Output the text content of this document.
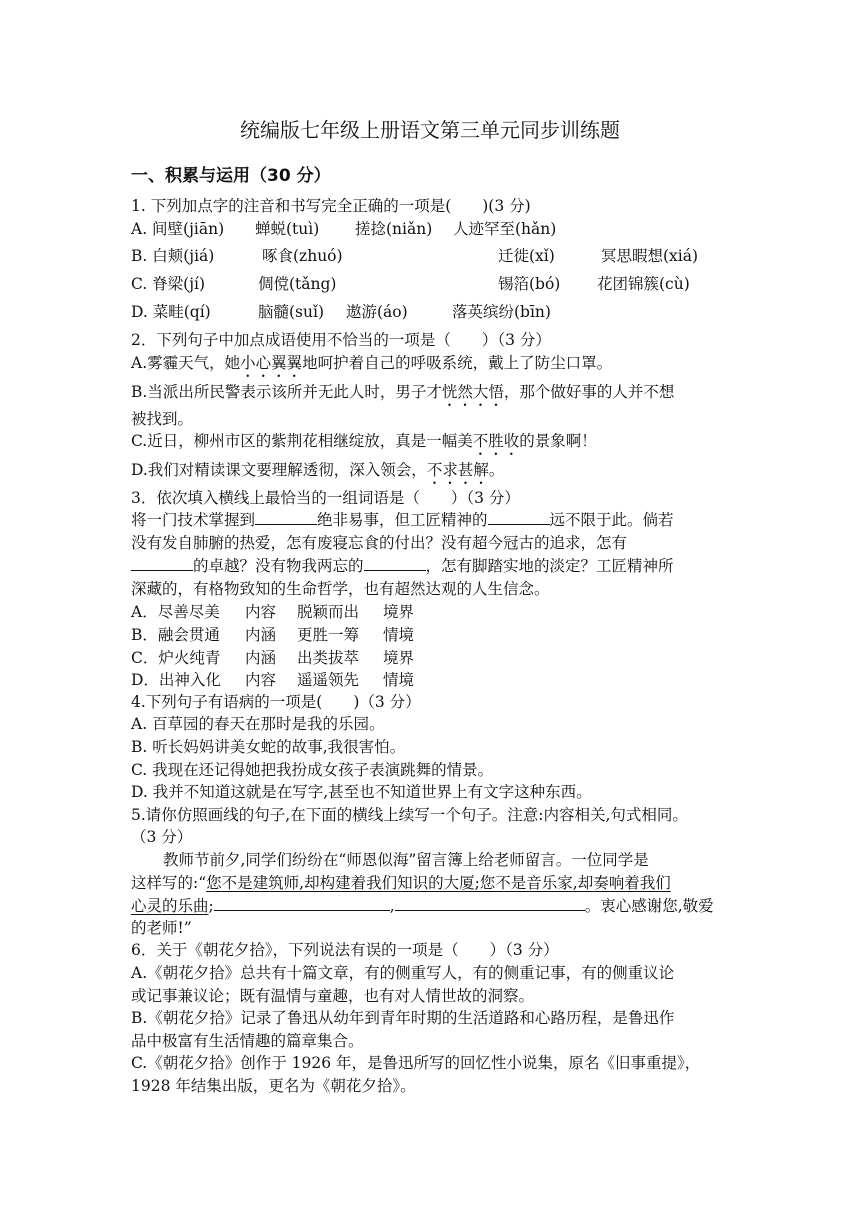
统编版七年级上册语文第三单元同步训练题
一、积累与运用（30 分）
1. 下列加点字的注音和书写完全正确的一项是(　　)(3 分)
A. 间壁(jiān) 蝉蜕(tuì) 搓捻(niǎn) 人迹罕至(hǎn)
B. 白颊(jiá)	啄食(zhuó)	迁徙(xǐ)	冥思暇想(xiá)
C. 脊梁(jí)	倜傥(tǎng)	锡箔(bó) 花团锦簇(cù)
D. 菜畦(qí)	脑髓(suǐ) 遨游(áo)	落英缤纷(bīn)
2．下列句子中加点成语使用不恰当的一项是（　　）（3 分）
A.雾霾天气，她小心翼翼地呵护着自己的呼吸系统，戴上了防尘口罩。
B.当派出所民警表示该所并无此人时，男子才恍然大悟，那个做好事的人并不想
被找到。
C.近日，柳州市区的紫荆花相继绽放，真是一幅美不胜收的景象啊！
D.我们对精读课文要理解透彻，深入领会，不求甚解。
3．依次填入横线上最恰当的一组词语是（　　）（3 分）
将一门技术掌握到	绝非易事，但工匠精神的	远不限于此。倘若
没有发自肺腑的热爱，怎有废寝忘食的付出？没有超今冠古的追求，怎有
的卓越？没有物我两忘的	，怎有脚踏实地的淡定？工匠精神所
深藏的，有格物致知的生命哲学，也有超然达观的人生信念。
A．尽善尽美 内容 脱颖而出 境界
B．融会贯通 内涵 更胜一筹 情境
C．炉火纯青 内涵 出类拔萃 境界
D．出神入化 内容 遥遥领先 情境
4.下列句子有语病的一项是(　　)（3 分）
A. 百草园的春天在那时是我的乐园。
B. 听长妈妈讲美女蛇的故事,我很害怕。
C. 我现在还记得她把我扮成女孩子表演跳舞的情景。
D. 我并不知道这就是在写字,甚至也不知道世界上有文字这种东西。
5.请你仿照画线的句子,在下面的横线上续写一个句子。注意:内容相关,句式相同。
（3 分）
教师节前夕,同学们纷纷在“师恩似海”留言簿上给老师留言。一位同学是
这样写的:“您不是建筑师,却构建着我们知识的大厦;您不是音乐家,却奏响着我们
心灵的乐曲;	,	。衷心感谢您,敬爱
的老师!”
6．关于《朝花夕拾》，下列说法有误的一项是（　　）（3 分）
A.《朝花夕拾》总共有十篇文章，有的侧重写人，有的侧重记事，有的侧重议论
或记事兼议论；既有温情与童趣，也有对人情世故的洞察。
B.《朝花夕拾》记录了鲁迅从幼年到青年时期的生活道路和心路历程，是鲁迅作
品中极富有生活情趣的篇章集合。
C.《朝花夕拾》创作于 1926 年，是鲁迅所写的回忆性小说集，原名《旧事重提》，
1928 年结集出版，更名为《朝花夕拾》。
